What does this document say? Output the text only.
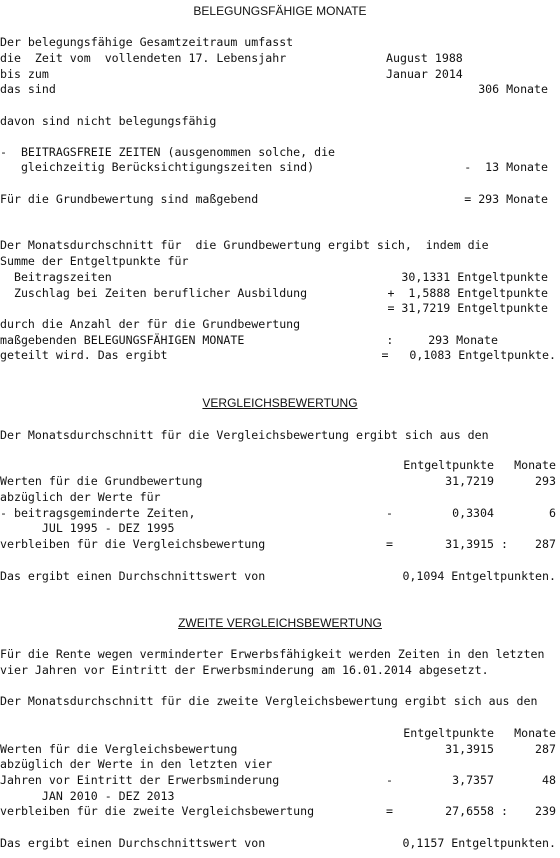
BELEGUNGSFÄHIGE MONATE
Der belegungsfähige Gesamtzeitraum umfasst
die  Zeit vom  vollendeten 17. Lebensjahr	August 1988
bis zum	Januar 2014
das sind	306 Monate
davon sind nicht belegungsfähig
-  BEITRAGSFREIE ZEITEN (ausgenommen solche, die
gleichzeitig Berücksichtigungszeiten sind)	-  13 Monate
Für die Grundbewertung sind maßgebend	= 293 Monate
Der Monatsdurchschnitt für  die Grundbewertung ergibt sich,  indem die
Summe der Entgeltpunkte für
Beitragszeiten	30,1331 Entgeltpunkte
Zuschlag bei Zeiten beruflicher Ausbildung	+  1,5888 Entgeltpunkte
= 31,7219 Entgeltpunkte
durch die Anzahl der für die Grundbewertung
maßgebenden BELEGUNGSFÄHIGEN MONATE	:     293 Monate
geteilt wird. Das ergibt	=   0,1083 Entgeltpunkte.
VERGLEICHSBEWERTUNG
Der Monatsdurchschnitt für die Vergleichsbewertung ergibt sich aus den
Entgeltpunkte Monate
Werten für die Grundbewertung	31,7219	293
abzüglich der Werte für
- beitragsgeminderte Zeiten,	-	0,3304	6
JUL 1995 - DEZ 1995
verbleiben für die Vergleichsbewertung	=	31,3915 : 287
Das ergibt einen Durchschnittswert von	0,1094 Entgeltpunkten.
ZWEITE VERGLEICHSBEWERTUNG
Für die Rente wegen verminderter Erwerbsfähigkeit werden Zeiten in den letzten
vier Jahren vor Eintritt der Erwerbsminderung am 16.01.2014 abgesetzt.
Der Monatsdurchschnitt für die zweite Vergleichsbewertung ergibt sich aus den
Entgeltpunkte Monate
Werten für die Vergleichsbewertung	31,3915	287
abzüglich der Werte in den letzten vier
Jahren vor Eintritt der Erwerbsminderung	-	3,7357	48
JAN 2010 - DEZ 2013
verbleiben für die zweite Vergleichsbewertung	=	27,6558 : 239
Das ergibt einen Durchschnittswert von	0,1157 Entgeltpunkten.
